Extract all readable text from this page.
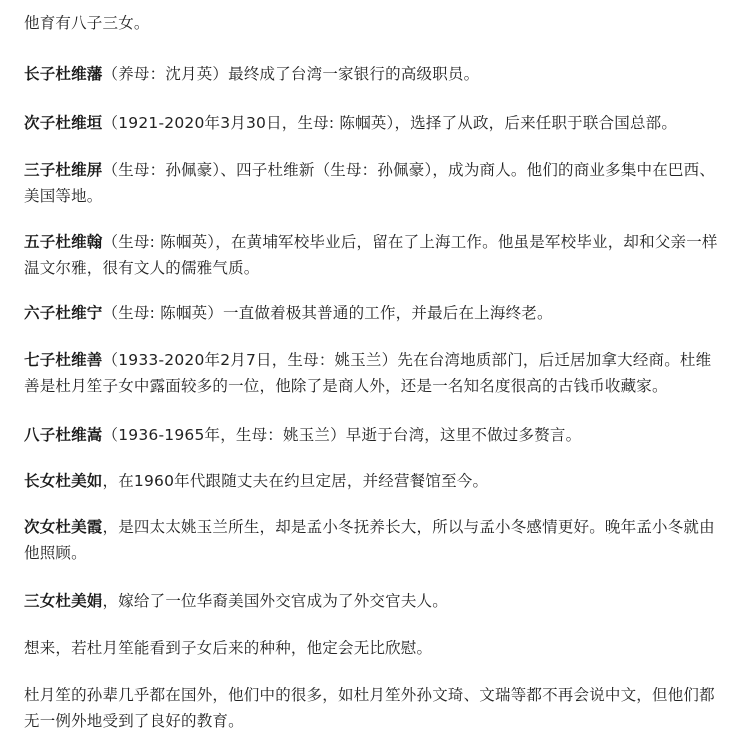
他育有八子三女。

长子杜维藩（养母：沈月英）最终成了台湾一家银行的高级职员。

次子杜维垣（1921-2020年3月30日，生母: 陈帼英），选择了从政，后来任职于联合国总部。

三子杜维屏（生母：孙佩豪）、四子杜维新（生母：孙佩豪），成为商人。他们的商业多集中在巴西、美国等地。

五子杜维翰（生母: 陈帼英），在黄埔军校毕业后，留在了上海工作。他虽是军校毕业，却和父亲一样温文尔雅，很有文人的儒雅气质。

六子杜维宁（生母: 陈帼英）一直做着极其普通的工作，并最后在上海终老。

七子杜维善（1933-2020年2月7日，生母：姚玉兰）先在台湾地质部门，后迁居加拿大经商。杜维善是杜月笙子女中露面较多的一位，他除了是商人外，还是一名知名度很高的古钱币收藏家。

八子杜维嵩（1936-1965年，生母：姚玉兰）早逝于台湾，这里不做过多赘言。

长女杜美如，在1960年代跟随丈夫在约旦定居，并经营餐馆至今。

次女杜美霞，是四太太姚玉兰所生，却是孟小冬抚养长大，所以与孟小冬感情更好。晚年孟小冬就由他照顾。

三女杜美娟，嫁给了一位华裔美国外交官成为了外交官夫人。

想来，若杜月笙能看到子女后来的种种，他定会无比欣慰。

杜月笙的孙辈几乎都在国外，他们中的很多，如杜月笙外孙文琦、文瑞等都不再会说中文，但他们都无一例外地受到了良好的教育。
